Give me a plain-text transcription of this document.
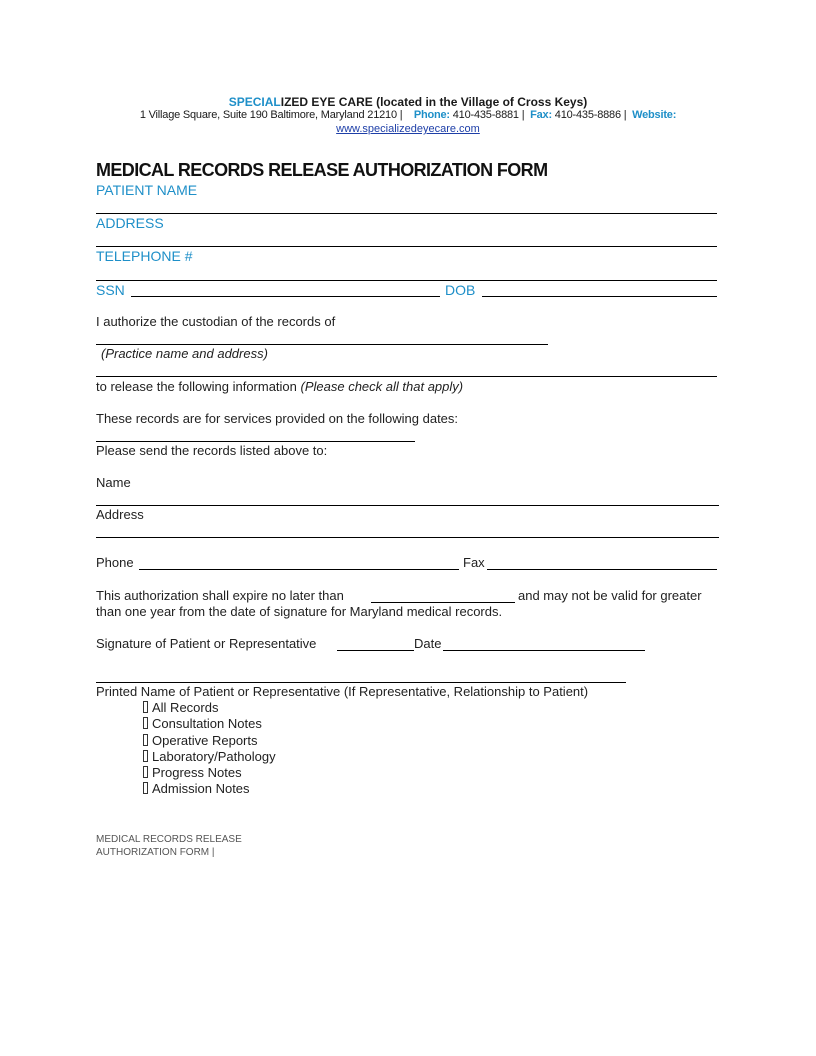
SPECIALIZED EYE CARE (located in the Village of Cross Keys)
1 Village Square, Suite 190 Baltimore, Maryland 21210 | Phone: 410-435-8881 | Fax: 410-435-8886 | Website:
www.specializedeyecare.com
MEDICAL RECORDS RELEASE AUTHORIZATION FORM
PATIENT NAME
ADDRESS
TELEPHONE #
SSN	DOB
I authorize the custodian of the records of
(Practice name and address)
to release the following information (Please check all that apply)
These records are for services provided on the following dates:
Please send the records listed above to:
Name
Address
Phone	Fax
This authorization shall expire no later than	and may not be valid for greater
than one year from the date of signature for Maryland medical records.
Signature of Patient or Representative	Date
Printed Name of Patient or Representative (If Representative, Relationship to Patient)
All Records
Consultation Notes
Operative Reports
Laboratory/Pathology
Progress Notes
Admission Notes
MEDICAL RECORDS RELEASE
AUTHORIZATION FORM |
